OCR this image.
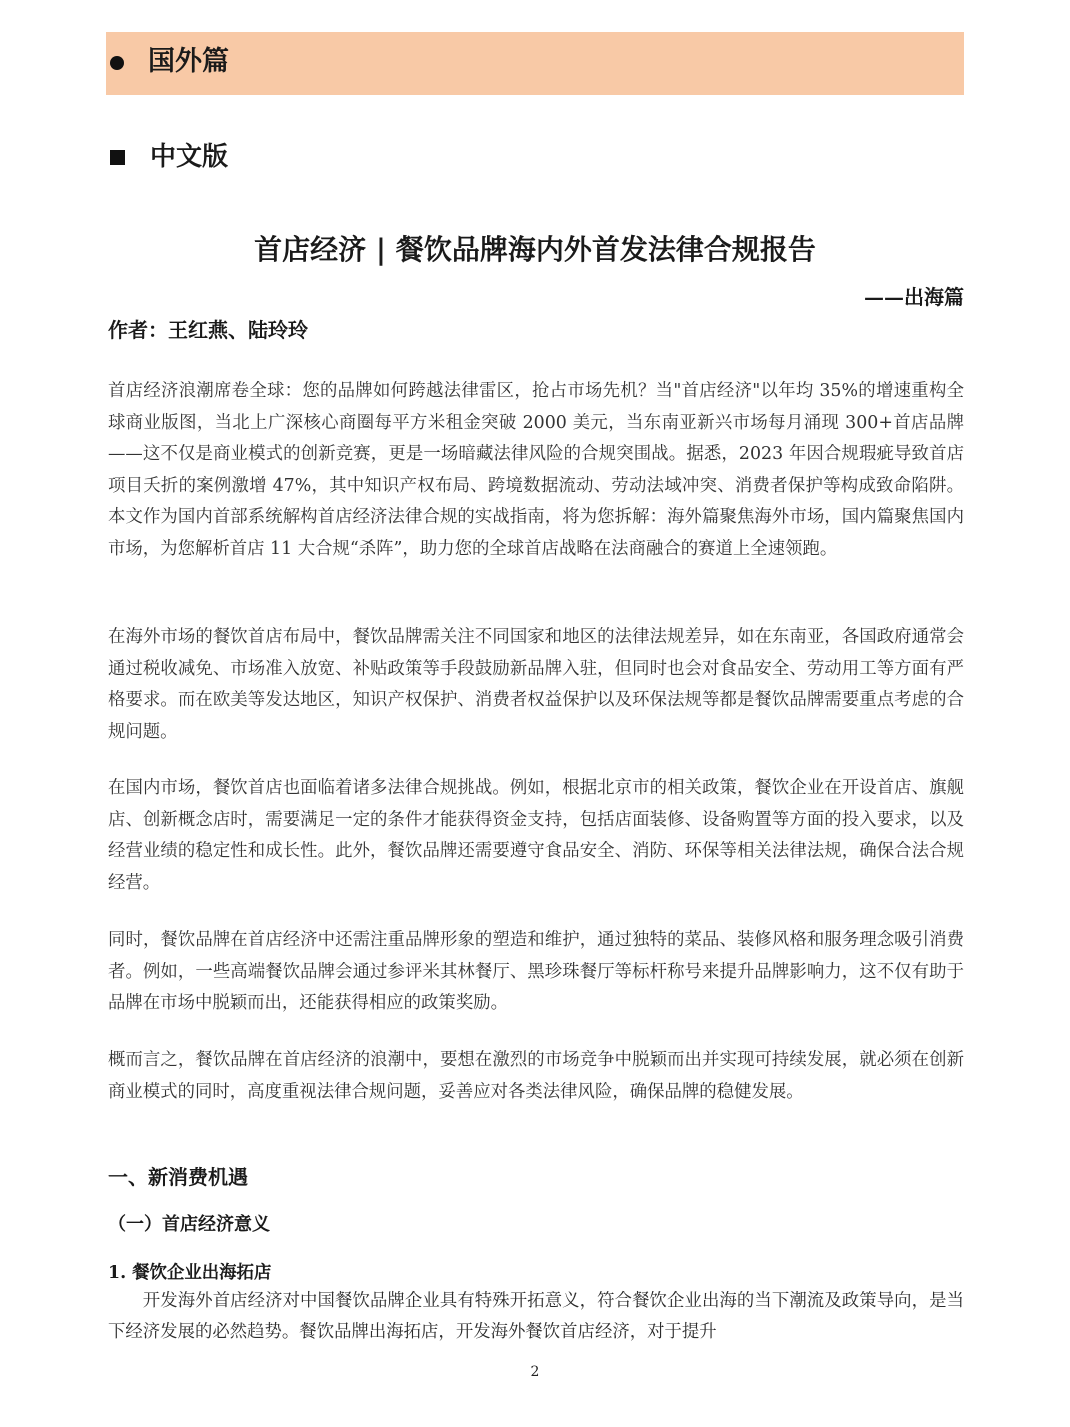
国外篇
中文版
首店经济 | 餐饮品牌海内外首发法律合规报告
——出海篇
作者：王红燕、陆玲玲

首店经济浪潮席卷全球：您的品牌如何跨越法律雷区，抢占市场先机？当"首店经济"以年均 35%的增速重构全球商业版图，当北上广深核心商圈每平方米租金突破 2000 美元，当东南亚新兴市场每月涌现 300+首店品牌——这不仅是商业模式的创新竞赛，更是一场暗藏法律风险的合规突围战。据悉，2023 年因合规瑕疵导致首店项目夭折的案例激增 47%，其中知识产权布局、跨境数据流动、劳动法域冲突、消费者保护等构成致命陷阱。本文作为国内首部系统解构首店经济法律合规的实战指南，将为您拆解：海外篇聚焦海外市场，国内篇聚焦国内市场，为您解析首店 11 大合规“杀阵”，助力您的全球首店战略在法商融合的赛道上全速领跑。

在海外市场的餐饮首店布局中，餐饮品牌需关注不同国家和地区的法律法规差异，如在东南亚，各国政府通常会通过税收减免、市场准入放宽、补贴政策等手段鼓励新品牌入驻，但同时也会对食品安全、劳动用工等方面有严格要求。而在欧美等发达地区，知识产权保护、消费者权益保护以及环保法规等都是餐饮品牌需要重点考虑的合规问题。

在国内市场，餐饮首店也面临着诸多法律合规挑战。例如，根据北京市的相关政策，餐饮企业在开设首店、旗舰店、创新概念店时，需要满足一定的条件才能获得资金支持，包括店面装修、设备购置等方面的投入要求，以及经营业绩的稳定性和成长性。此外，餐饮品牌还需要遵守食品安全、消防、环保等相关法律法规，确保合法合规经营。

同时，餐饮品牌在首店经济中还需注重品牌形象的塑造和维护，通过独特的菜品、装修风格和服务理念吸引消费者。例如，一些高端餐饮品牌会通过参评米其林餐厅、黑珍珠餐厅等标杆称号来提升品牌影响力，这不仅有助于品牌在市场中脱颖而出，还能获得相应的政策奖励。

概而言之，餐饮品牌在首店经济的浪潮中，要想在激烈的市场竞争中脱颖而出并实现可持续发展，就必须在创新商业模式的同时，高度重视法律合规问题，妥善应对各类法律风险，确保品牌的稳健发展。

一、新消费机遇
（一）首店经济意义
1. 餐饮企业出海拓店

开发海外首店经济对中国餐饮品牌企业具有特殊开拓意义，符合餐饮企业出海的当下潮流及政策导向，是当下经济发展的必然趋势。餐饮品牌出海拓店，开发海外餐饮首店经济，对于提升

2
